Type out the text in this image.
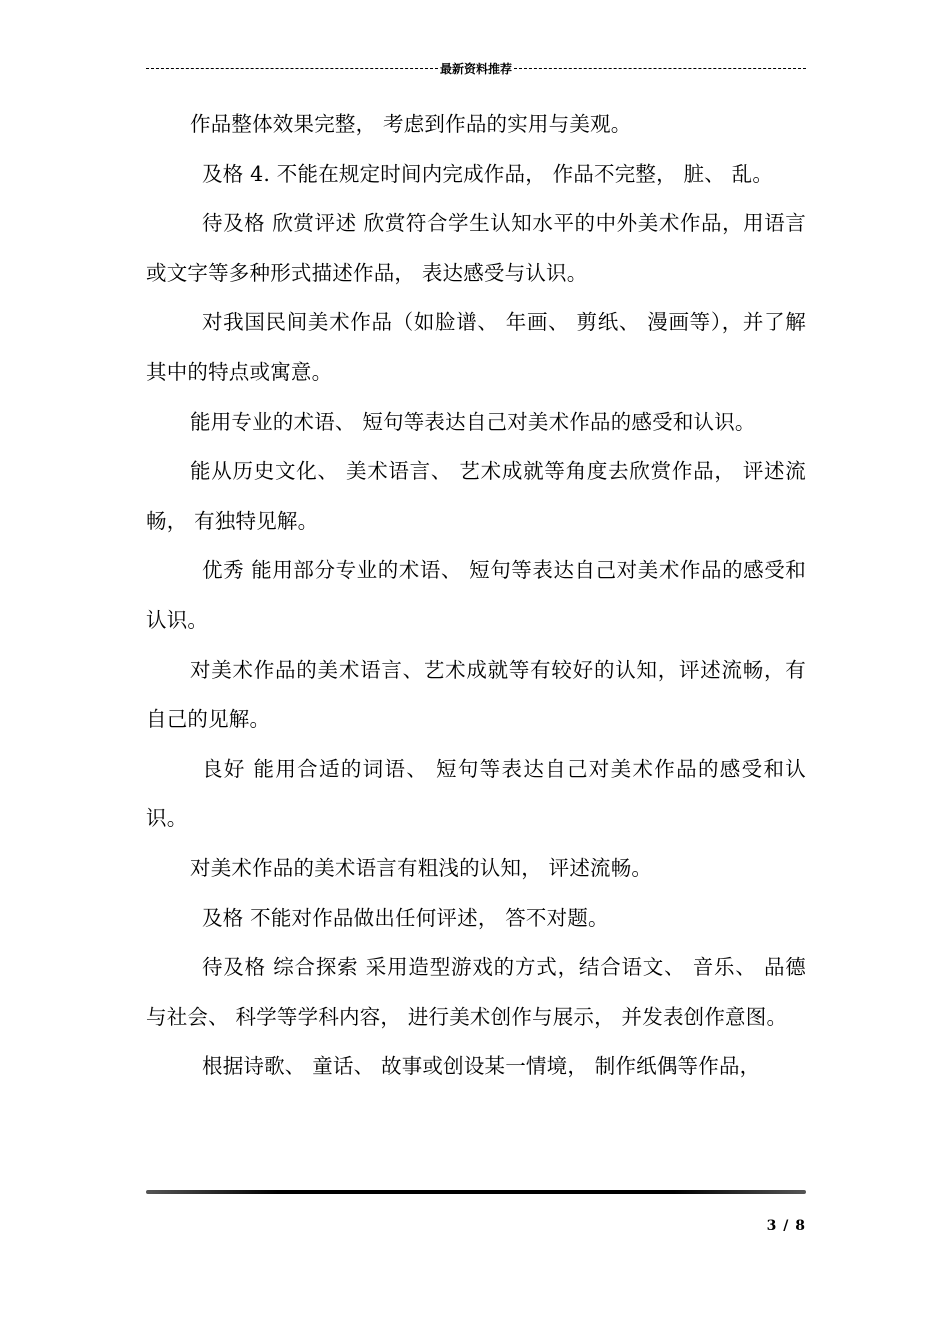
最新资料推荐

作品整体效果完整， 考虑到作品的实用与美观。

及格 4. 不能在规定时间内完成作品， 作品不完整， 脏、 乱。

待及格 欣赏评述 欣赏符合学生认知水平的中外美术作品，用语言或文字等多种形式描述作品， 表达感受与认识。

对我国民间美术作品（如脸谱、 年画、 剪纸、 漫画等），并了解其中的特点或寓意。

能用专业的术语、 短句等表达自己对美术作品的感受和认识。

能从历史文化、 美术语言、 艺术成就等角度去欣赏作品， 评述流畅， 有独特见解。

优秀 能用部分专业的术语、 短句等表达自己对美术作品的感受和认识。

对美术作品的美术语言、艺术成就等有较好的认知，评述流畅，有自己的见解。

良好 能用合适的词语、 短句等表达自己对美术作品的感受和认识。

对美术作品的美术语言有粗浅的认知， 评述流畅。

及格 不能对作品做出任何评述， 答不对题。

待及格 综合探索 采用造型游戏的方式，结合语文、 音乐、 品德与社会、 科学等学科内容， 进行美术创作与展示， 并发表创作意图。

根据诗歌、 童话、 故事或创设某一情境， 制作纸偶等作品，

3 / 8
